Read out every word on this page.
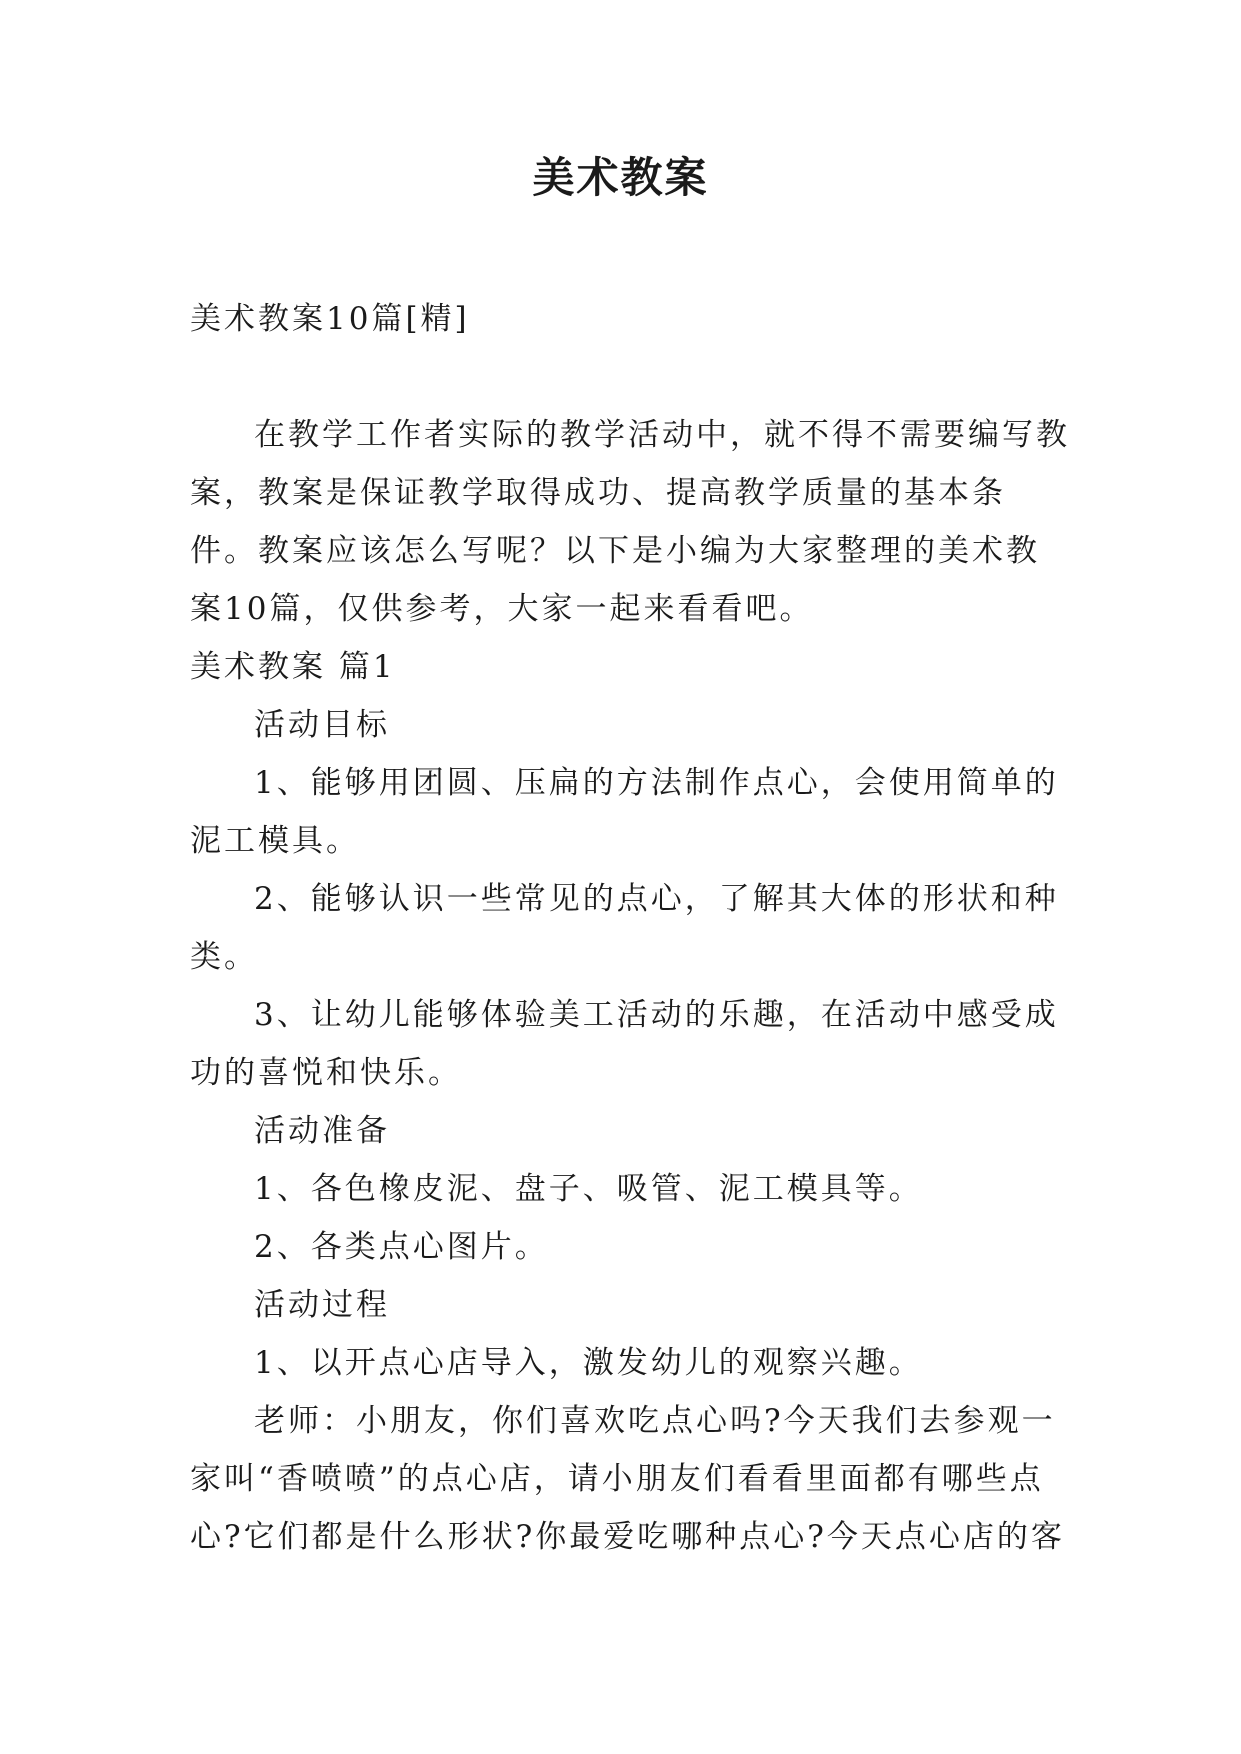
美术教案

美术教案10篇[精]

在教学工作者实际的教学活动中，就不得不需要编写教案，教案是保证教学取得成功、提高教学质量的基本条件。教案应该怎么写呢？以下是小编为大家整理的美术教案10篇，仅供参考，大家一起来看看吧。

美术教案 篇1

活动目标

1、能够用团圆、压扁的方法制作点心，会使用简单的泥工模具。

2、能够认识一些常见的点心，了解其大体的形状和种类。

3、让幼儿能够体验美工活动的乐趣，在活动中感受成功的喜悦和快乐。

活动准备

1、各色橡皮泥、盘子、吸管、泥工模具等。

2、各类点心图片。

活动过程

1、以开点心店导入，激发幼儿的观察兴趣。

老师：小朋友，你们喜欢吃点心吗?今天我们去参观一家叫“香喷喷”的点心店，请小朋友们看看里面都有哪些点心?它们都是什么形状?你最爱吃哪种点心?今天点心店的客
